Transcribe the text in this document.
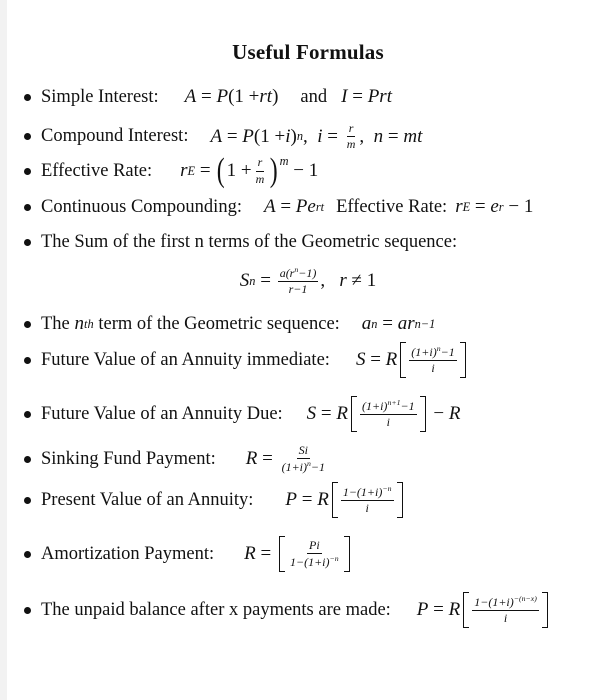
Useful Formulas
Simple Interest: A = P (1 + rt ) and I = Prt
Compound Interest: A = P (1 + i ) n , $i = \frac{r}{m}$ , n = mt
Effective Rate: r E = ( $1 + \frac{r}{m} )^m - 1$
Continuous Compounding: A = Pe rt Effective Rate: r E = e r − 1
The Sum of the first n terms of the Geometric sequence:
S $n = \frac{a(r^n-1)}{r-1}$ , r ≠ 1
The n th
term of the Geometric sequence: a n = ar n−1
Future Value of an Annuity immediate: S = R $\frac{(1+i)^n-1}{i}$
Future Value of an Annuity Due: S = R $\frac{(1+i)^{n+1}-1}{i} - R$
Sinking Fund Payment: $R = \frac{Si}{(1+i)^n-1}$
Present Value of an Annuity: P = R $\frac{1-(1+i)^{-n}}{i}$
Amortization Payment: $R = \frac{Pi}{1-(1+i)^{-n}}$
The unpaid balance after x payments are made: P = R $\frac{1-(1+i)^{-(n-x)}}{i}$
